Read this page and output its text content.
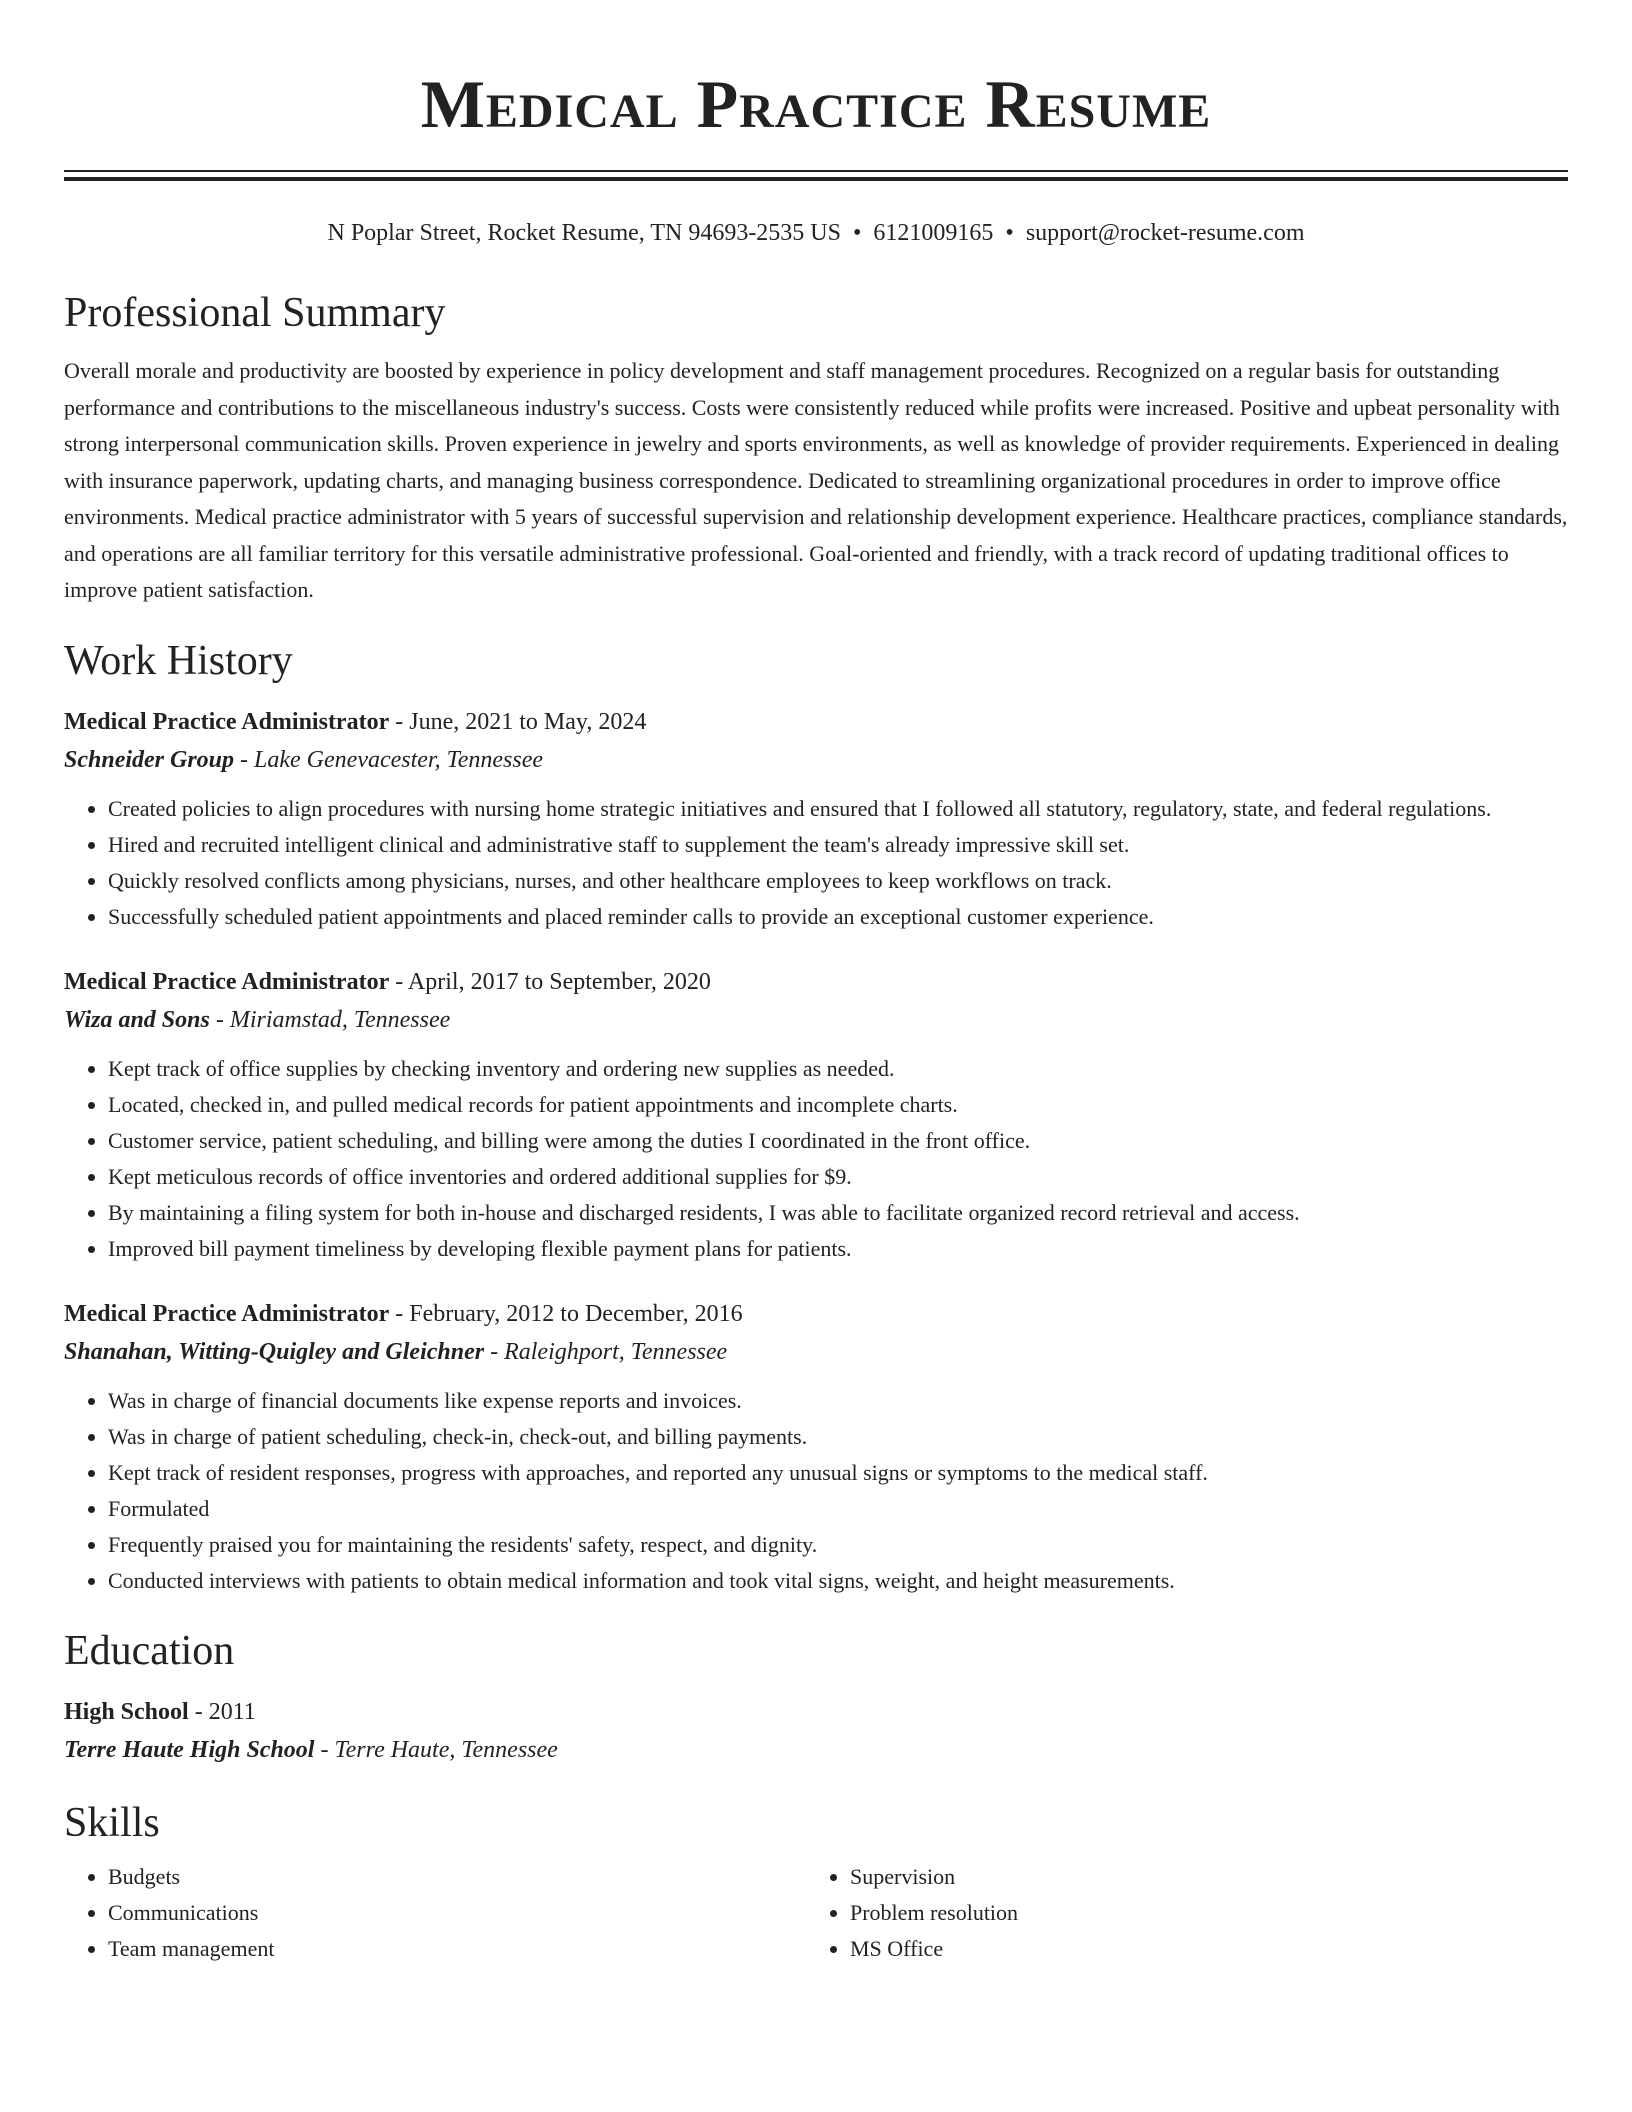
Medical Practice Resume
N Poplar Street, Rocket Resume, TN 94693-2535 US • 6121009165 • support@rocket-resume.com
Professional Summary

Overall morale and productivity are boosted by experience in policy development and staff management procedures. Recognized on a regular basis for outstanding performance and contributions to the miscellaneous industry's success. Costs were consistently reduced while profits were increased. Positive and upbeat personality with strong interpersonal communication skills. Proven experience in jewelry and sports environments, as well as knowledge of provider requirements. Experienced in dealing with insurance paperwork, updating charts, and managing business correspondence. Dedicated to streamlining organizational procedures in order to improve office environments. Medical practice administrator with 5 years of successful supervision and relationship development experience. Healthcare practices, compliance standards, and operations are all familiar territory for this versatile administrative professional. Goal-oriented and friendly, with a track record of updating traditional offices to improve patient satisfaction.

Work History
Medical Practice Administrator - June, 2021 to May, 2024
Schneider Group - Lake Genevacester, Tennessee
• Created policies to align procedures with nursing home strategic initiatives and ensured that I followed all statutory, regulatory, state, and federal regulations.
• Hired and recruited intelligent clinical and administrative staff to supplement the team's already impressive skill set.
• Quickly resolved conflicts among physicians, nurses, and other healthcare employees to keep workflows on track.
• Successfully scheduled patient appointments and placed reminder calls to provide an exceptional customer experience.
Medical Practice Administrator - April, 2017 to September, 2020
Wiza and Sons - Miriamstad, Tennessee
• Kept track of office supplies by checking inventory and ordering new supplies as needed.
• Located, checked in, and pulled medical records for patient appointments and incomplete charts.
• Customer service, patient scheduling, and billing were among the duties I coordinated in the front office.
• Kept meticulous records of office inventories and ordered additional supplies for $9.
• By maintaining a filing system for both in-house and discharged residents, I was able to facilitate organized record retrieval and access.
• Improved bill payment timeliness by developing flexible payment plans for patients.
Medical Practice Administrator - February, 2012 to December, 2016
Shanahan, Witting-Quigley and Gleichner - Raleighport, Tennessee
• Was in charge of financial documents like expense reports and invoices.
• Was in charge of patient scheduling, check-in, check-out, and billing payments.
• Kept track of resident responses, progress with approaches, and reported any unusual signs or symptoms to the medical staff.
• Formulated
• Frequently praised you for maintaining the residents' safety, respect, and dignity.
• Conducted interviews with patients to obtain medical information and took vital signs, weight, and height measurements.
Education
High School - 2011
Terre Haute High School - Terre Haute, Tennessee
Skills
• Budgets
• Communications
• Team management
• Supervision
• Problem resolution
• MS Office
